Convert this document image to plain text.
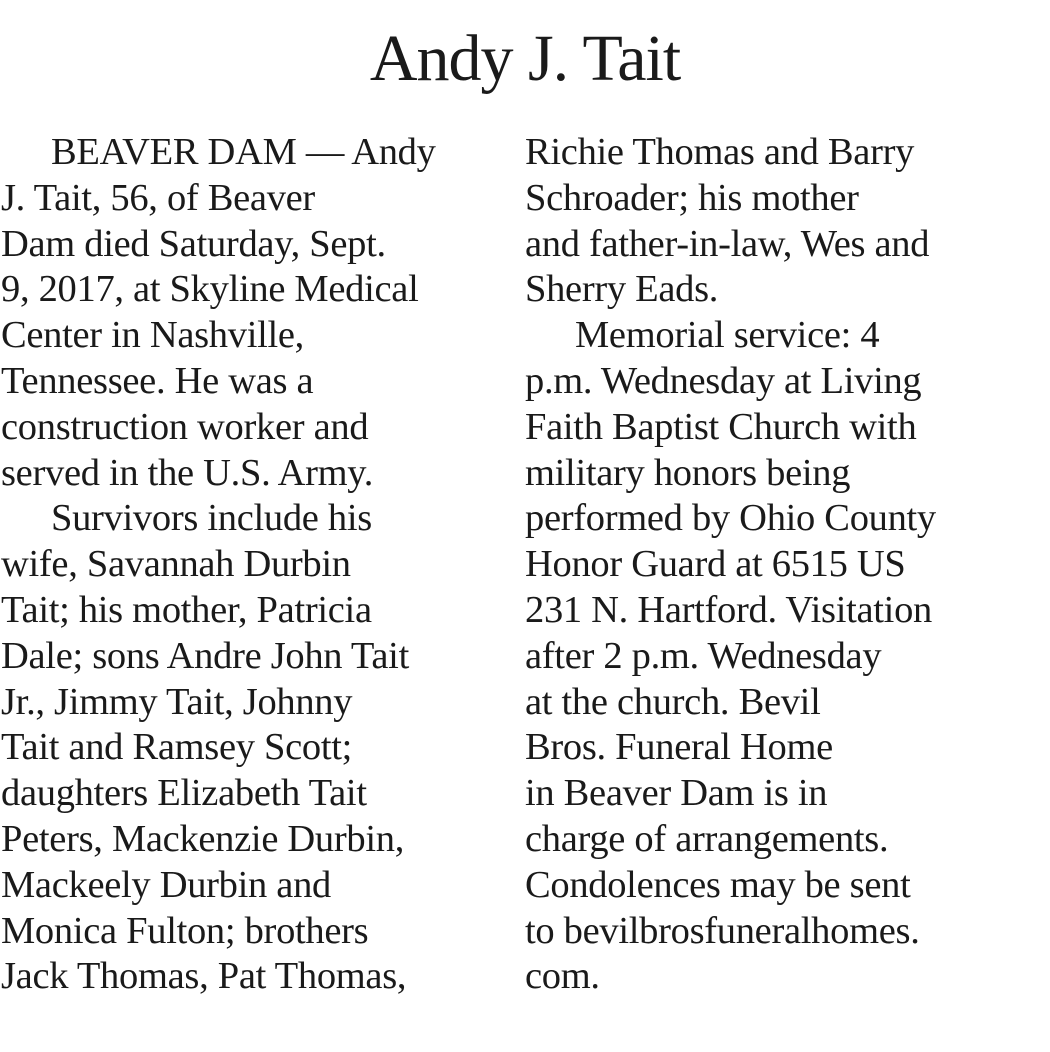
Andy J. Tait
BEAVER DAM — Andy
J. Tait, 56, of Beaver
Dam died Saturday, Sept.
9, 2017, at Skyline Medical
Center in Nashville,
Tennessee. He was a
construction worker and
served in the U.S. Army.
Survivors include his
wife, Savannah Durbin
Tait; his mother, Patricia
Dale; sons Andre John Tait
Jr., Jimmy Tait, Johnny
Tait and Ramsey Scott;
daughters Elizabeth Tait
Peters, Mackenzie Durbin,
Mackeely Durbin and
Monica Fulton; brothers
Jack Thomas, Pat Thomas,
Richie Thomas and Barry
Schroader; his mother
and father-in-law, Wes and
Sherry Eads.
Memorial service: 4
p.m. Wednesday at Living
Faith Baptist Church with
military honors being
performed by Ohio County
Honor Guard at 6515 US
231 N. Hartford. Visitation
after 2 p.m. Wednesday
at the church. Bevil
Bros. Funeral Home
in Beaver Dam is in
charge of arrangements.
Condolences may be sent
to bevilbrosfuneralhomes.
com.
